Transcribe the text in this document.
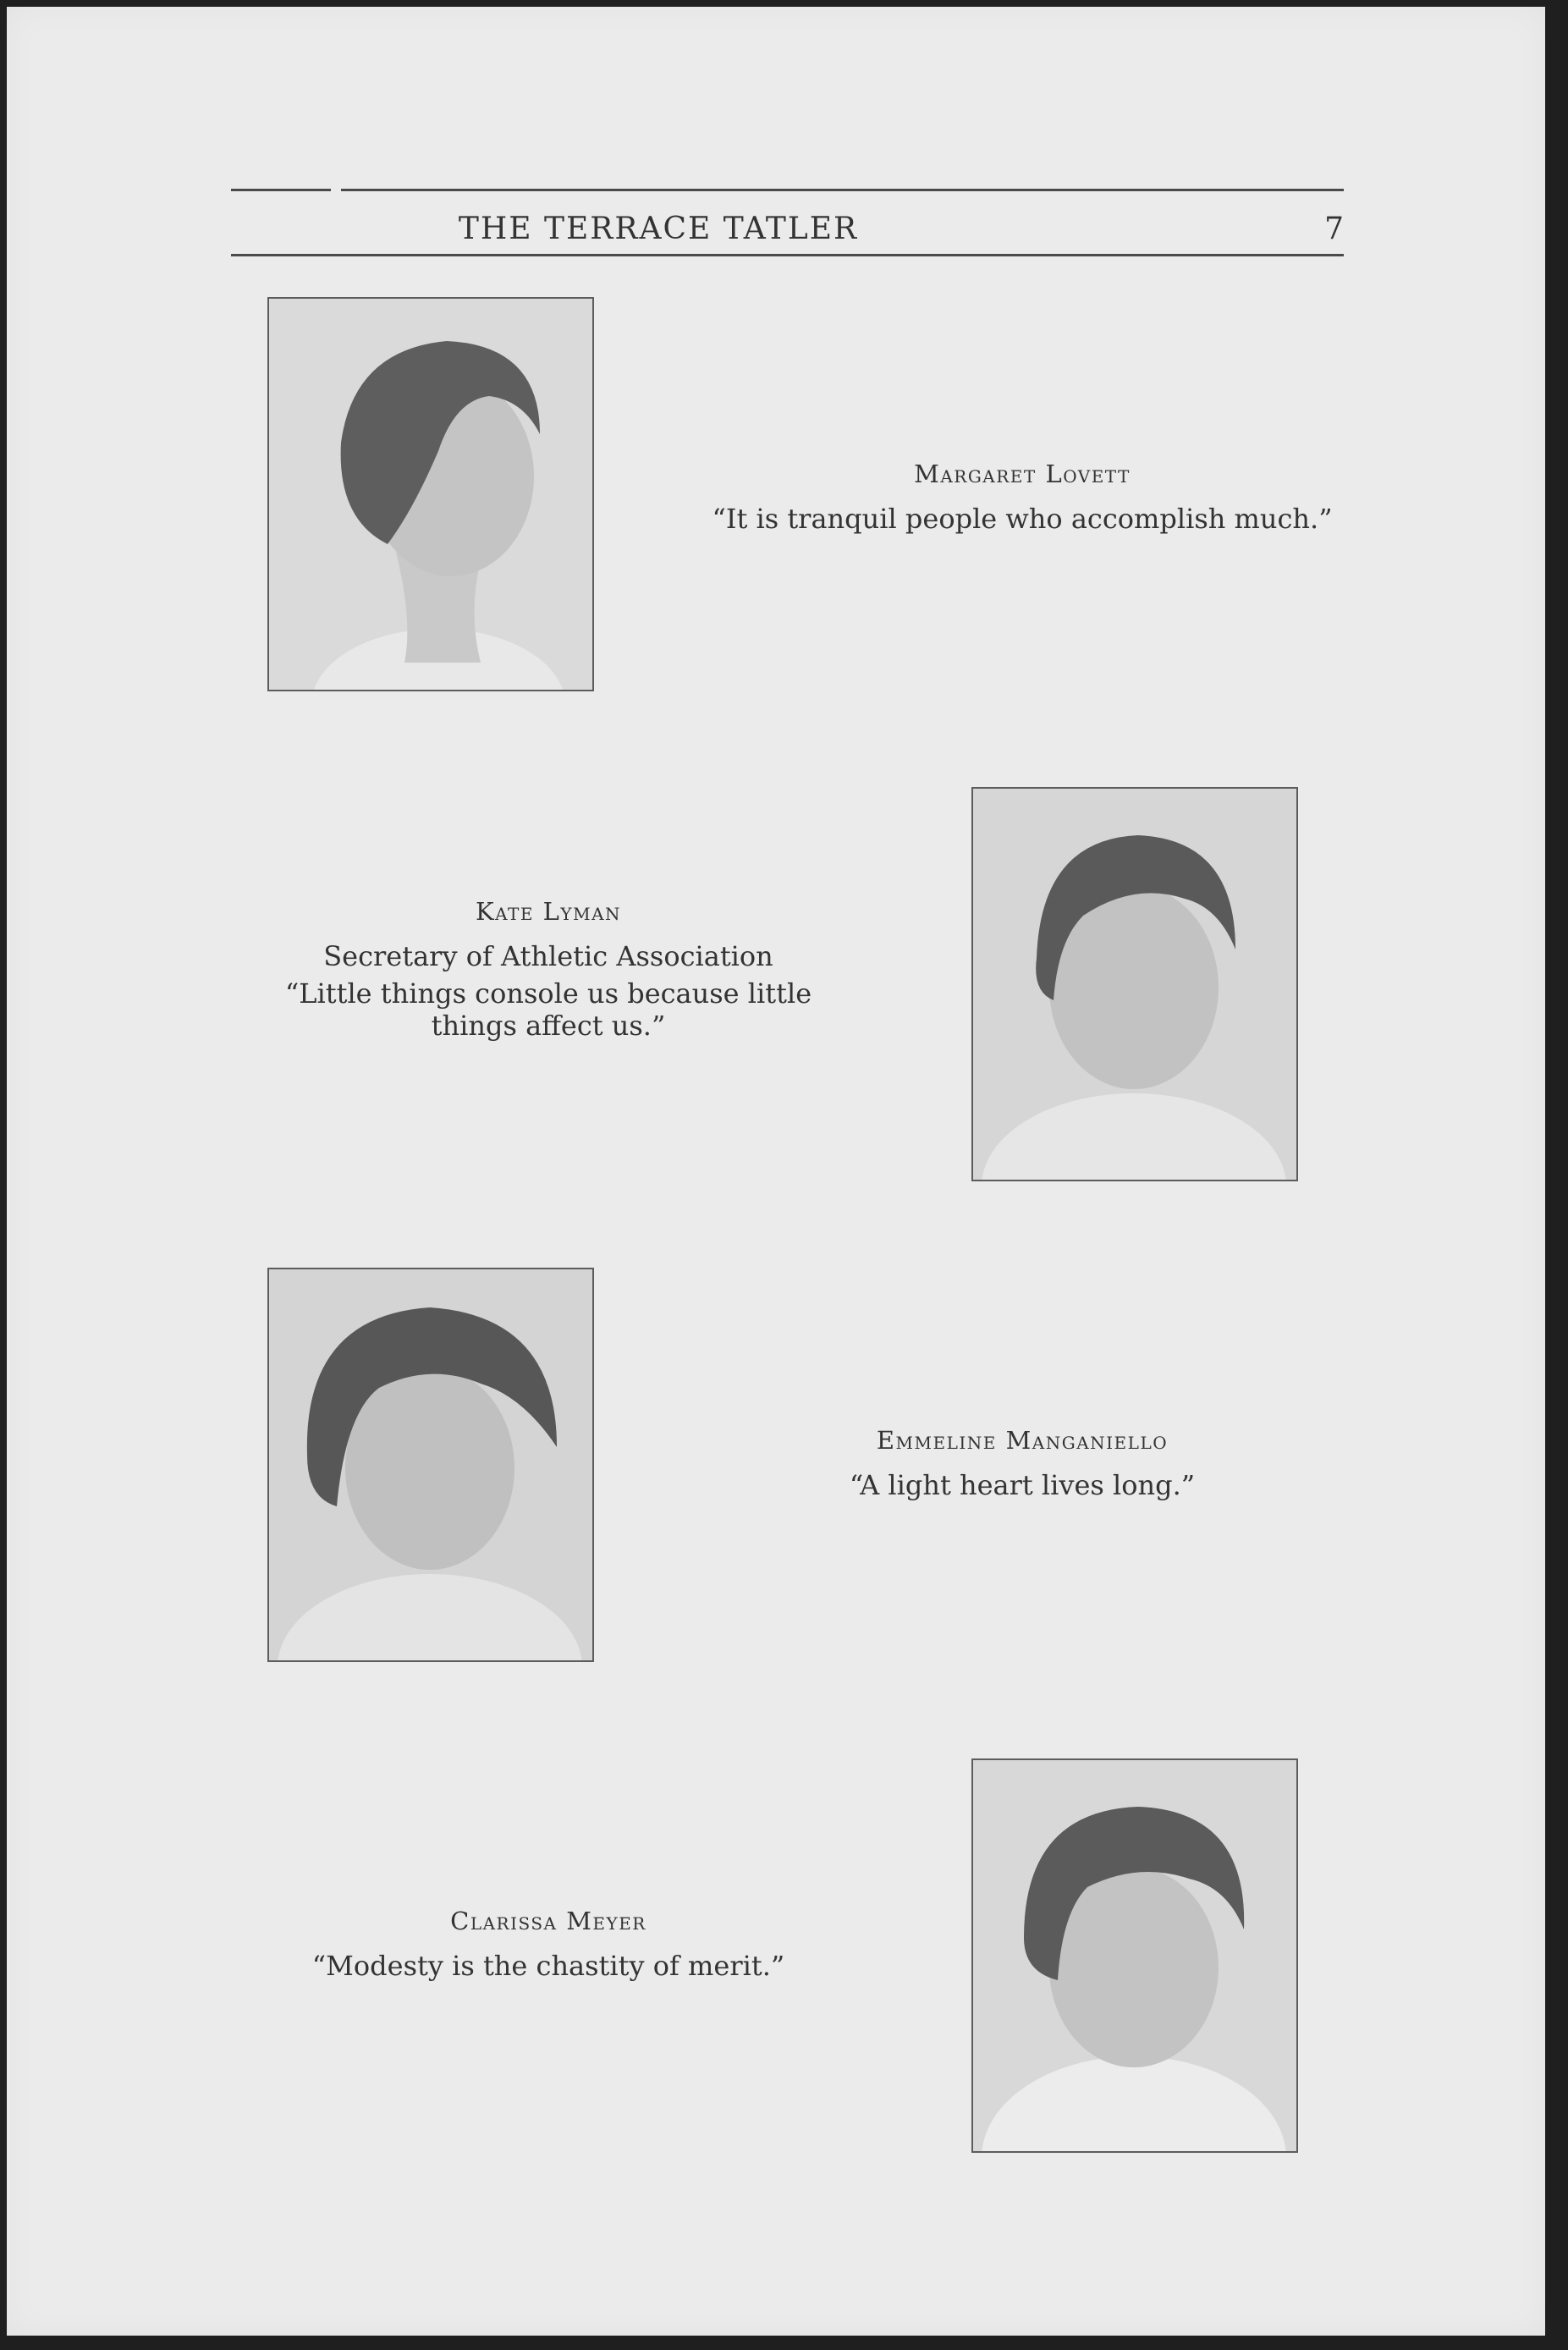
THE TERRACE TATLER	7
Margaret Lovett
“It is tranquil people who accomplish much.”
Kate Lyman
Secretary of Athletic Association
“Little things console us because little
things affect us.”
Emmeline Manganiello
“A light heart lives long.”
Clarissa Meyer
“Modesty is the chastity of merit.”
